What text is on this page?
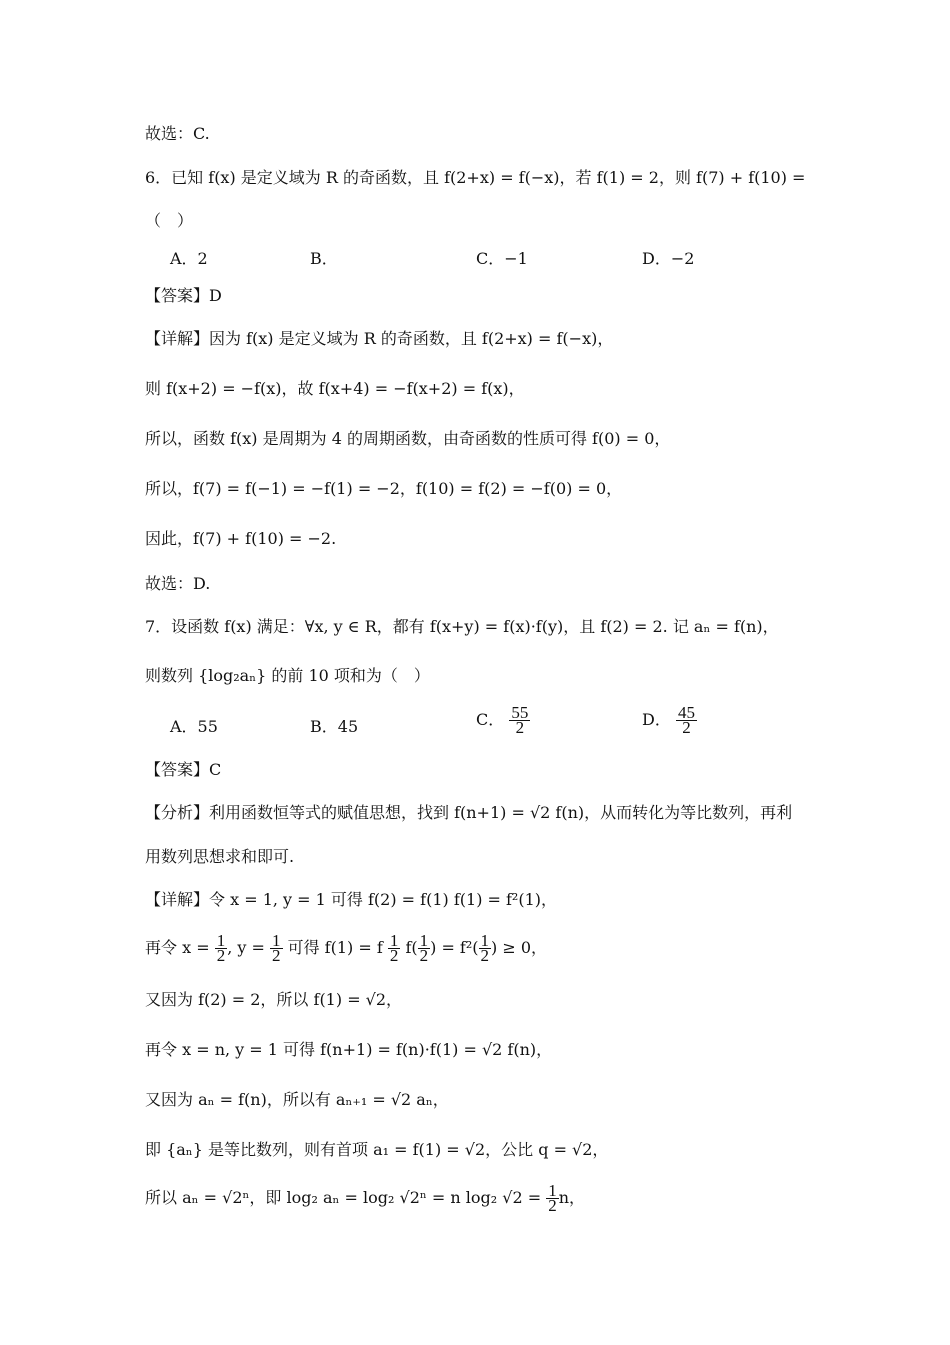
故选：C.
6．已知 f(x) 是定义域为 R 的奇函数，且 f(2+x) = f(−x)，若 f(1) = 2，则 f(7) + f(10) =
（　）
A．2	B．	C．−1	D．−2
【答案】D
【详解】因为 f(x) 是定义域为 R 的奇函数，且 f(2+x) = f(−x)，
则 f(x+2) = −f(x)，故 f(x+4) = −f(x+2) = f(x)，
所以，函数 f(x) 是周期为 4 的周期函数，由奇函数的性质可得 f(0) = 0，
所以，f(7) = f(−1) = −f(1) = −2，f(10) = f(2) = −f(0) = 0，
因此，f(7) + f(10) = −2.
故选：D.
7．设函数 f(x) 满足：∀x, y ∈ R，都有 f(x+y) = f(x)·f(y)，且 f(2) = 2. 记 aₙ = f(n)，
则数列 {log₂aₙ} 的前 10 项和为（　）
A．55	B．45	C． $\frac{55}{2}$	D． $\frac{45}{2}$
【答案】C
【分析】利用函数恒等式的赋值思想，找到 f(n+1) = √2 f(n)，从而转化为等比数列，再利
用数列思想求和即可.
【详解】令 x = 1, y = 1 可得 f(2) = f(1) f(1) = f²(1)，
再令 $x = \frac{1}{2}$ , $y = \frac{1}{2}$ 可得 f(1) = f $\frac{1}{2} f( \frac{1}{2}$ ) = $f^2( \frac{1}{2}$ ) ≥ 0，
又因为 f(2) = 2，所以 f(1) = √2，
再令 x = n, y = 1 可得 f(n+1) = f(n)·f(1) = √2 f(n)，
又因为 aₙ = f(n)，所以有 aₙ₊₁ = √2 aₙ，
即 {aₙ} 是等比数列，则有首项 a₁ = f(1) = √2，公比 q = √2，
所以 aₙ = √2ⁿ，即 log₂ aₙ = log₂ √2ⁿ = n log₂ $√2 = \frac{1}{2}$ n，
